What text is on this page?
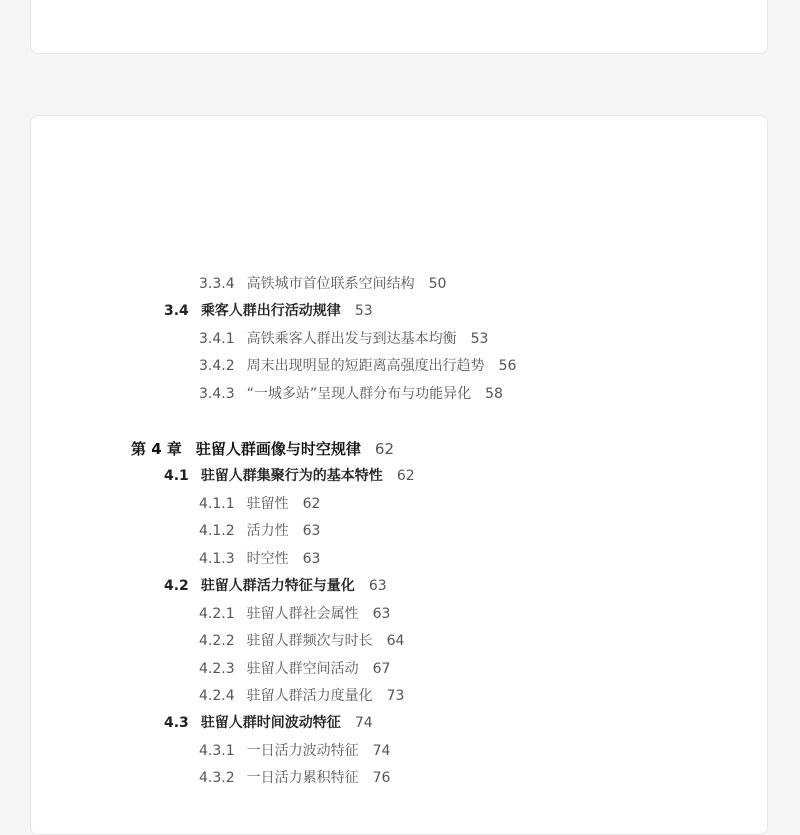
3.3.4 高铁城市首位联系空间结构 50
3.4 乘客人群出行活动规律 53
3.4.1 高铁乘客人群出发与到达基本均衡 53
3.4.2 周末出现明显的短距离高强度出行趋势 56
3.4.3 “一城多站”呈现人群分布与功能异化 58
第 4 章 驻留人群画像与时空规律 62
4.1 驻留人群集聚行为的基本特性 62
4.1.1 驻留性 62
4.1.2 活力性 63
4.1.3 时空性 63
4.2 驻留人群活力特征与量化 63
4.2.1 驻留人群社会属性 63
4.2.2 驻留人群频次与时长 64
4.2.3 驻留人群空间活动 67
4.2.4 驻留人群活力度量化 73
4.3 驻留人群时间波动特征 74
4.3.1 一日活力波动特征 74
4.3.2 一日活力累积特征 76
